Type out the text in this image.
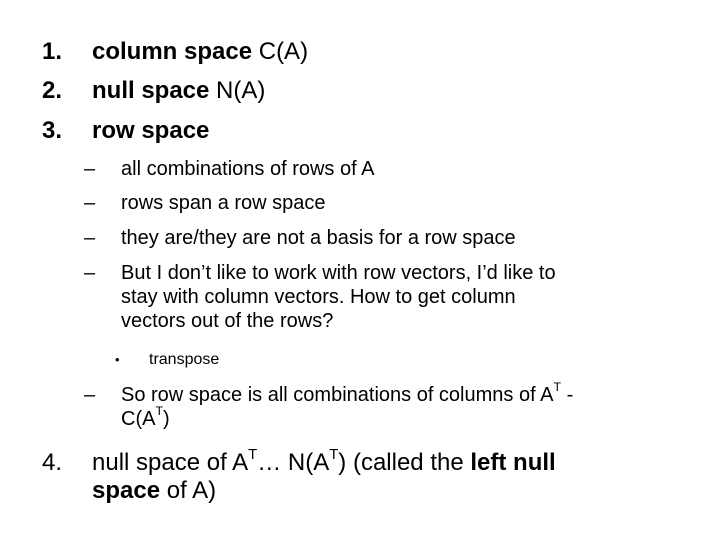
1. column space C(A)
2. null space N(A)
3. row space
– all combinations of rows of A
– rows span a row space
– they are/they are not a basis for a row space
– But I don’t like to work with row vectors, I’d like to
stay with column vectors. How to get column
vectors out of the rows?
• transpose
– So row space is all combinations of columns of $A^T$ -
$C(A^T)$
4. null space of $A^T\dots$ $N(A^T)$ (called the left null
space of A)
